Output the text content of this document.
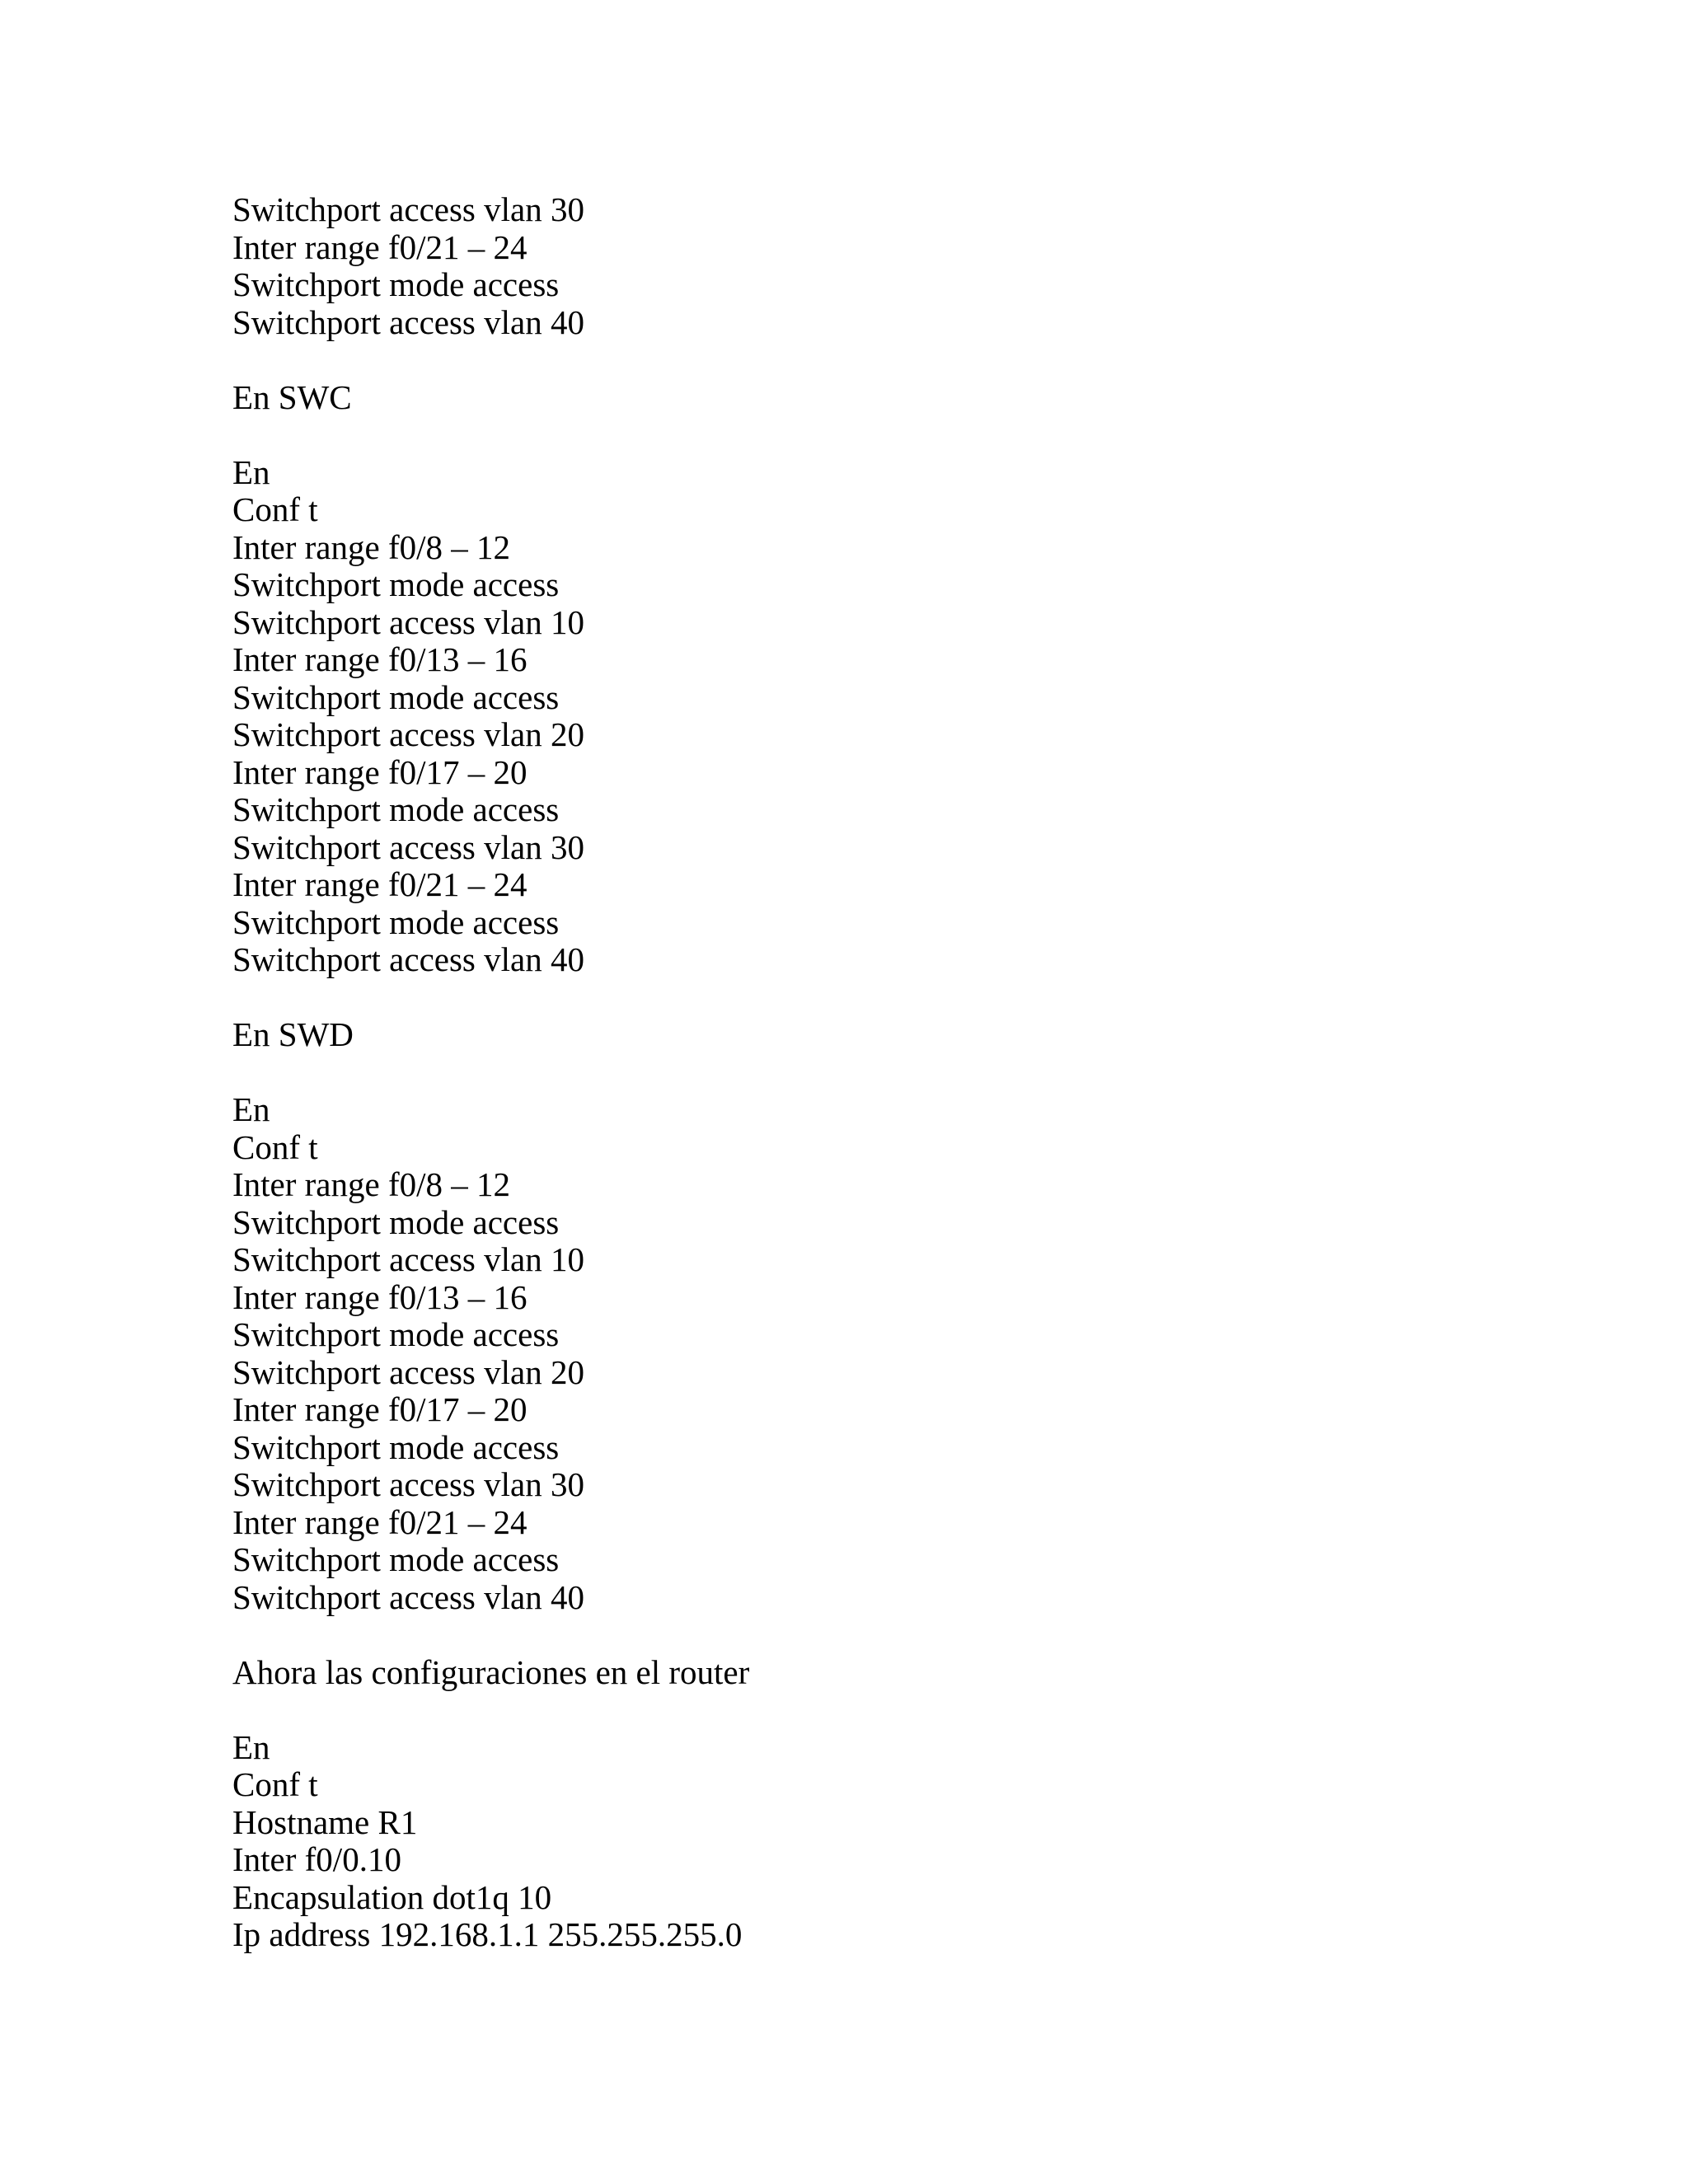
Switchport access vlan 30
Inter range f0/21 – 24
Switchport mode access
Switchport access vlan 40
En SWC
En
Conf t
Inter range f0/8 – 12
Switchport mode access
Switchport access vlan 10
Inter range f0/13 – 16
Switchport mode access
Switchport access vlan 20
Inter range f0/17 – 20
Switchport mode access
Switchport access vlan 30
Inter range f0/21 – 24
Switchport mode access
Switchport access vlan 40
En SWD
En
Conf t
Inter range f0/8 – 12
Switchport mode access
Switchport access vlan 10
Inter range f0/13 – 16
Switchport mode access
Switchport access vlan 20
Inter range f0/17 – 20
Switchport mode access
Switchport access vlan 30
Inter range f0/21 – 24
Switchport mode access
Switchport access vlan 40
Ahora las configuraciones en el router
En
Conf t
Hostname R1
Inter f0/0.10
Encapsulation dot1q 10
Ip address 192.168.1.1 255.255.255.0
